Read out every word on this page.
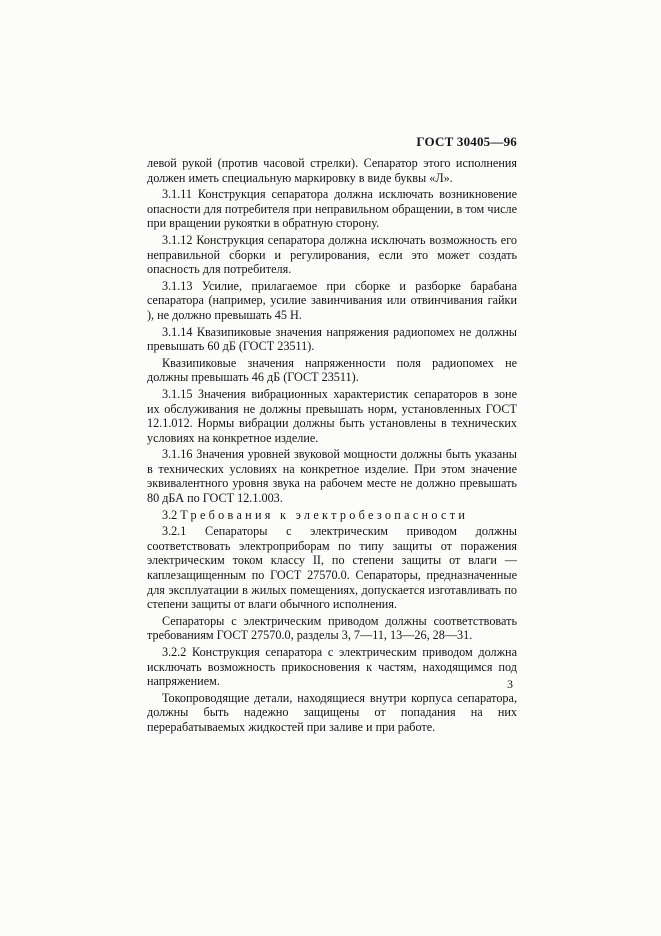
ГОСТ 30405—96

левой рукой (против часовой стрелки). Сепаратор этого исполнения должен иметь специальную маркировку в виде буквы «Л».

3.1.11 Конструкция сепаратора должна исключать возникновение опасности для потребителя при неправильном обращении, в том числе при вращении рукоятки в обратную сторону.

3.1.12 Конструкция сепаратора должна исключать возможность его неправильной сборки и регулирования, если это может создать опасность для потребителя.

3.1.13 Усилие, прилагаемое при сборке и разборке барабана сепаратора (например, усилие завинчивания или отвинчивания гайки ), не должно превышать 45 Н.

3.1.14 Квазипиковые значения напряжения радиопомех не должны превышать 60 дБ (ГОСТ 23511).

Квазипиковые значения напряженности поля радиопомех не должны превышать 46 дБ (ГОСТ 23511).

3.1.15 Значения вибрационных характеристик сепараторов в зоне их обслуживания не должны превышать норм, установленных ГОСТ 12.1.012. Нормы вибрации должны быть установлены в технических условиях на конкретное изделие.

3.1.16 Значения уровней звуковой мощности должны быть указаны в технических условиях на конкретное изделие. При этом значение эквивалентного уровня звука на рабочем месте не должно превышать 80 дБА по ГОСТ 12.1.003.

3.2 Требования к электробезопасности

3.2.1 Сепараторы с электрическим приводом должны соответствовать электроприборам по типу защиты от поражения электрическим током классу II, по степени защиты от влаги — каплезащищенным по ГОСТ 27570.0. Сепараторы, предназначенные для эксплуатации в жилых помещениях, допускается изготавливать по степени защиты от влаги обычного исполнения.

Сепараторы с электрическим приводом должны соответствовать требованиям ГОСТ 27570.0, разделы 3, 7—11, 13—26, 28—31.

3.2.2 Конструкция сепаратора с электрическим приводом должна исключать возможность прикосновения к частям, находящимся под напряжением.

Токопроводящие детали, находящиеся внутри корпуса сепаратора, должны быть надежно защищены от попадания на них перерабатываемых жидкостей при заливе и при работе.

3
